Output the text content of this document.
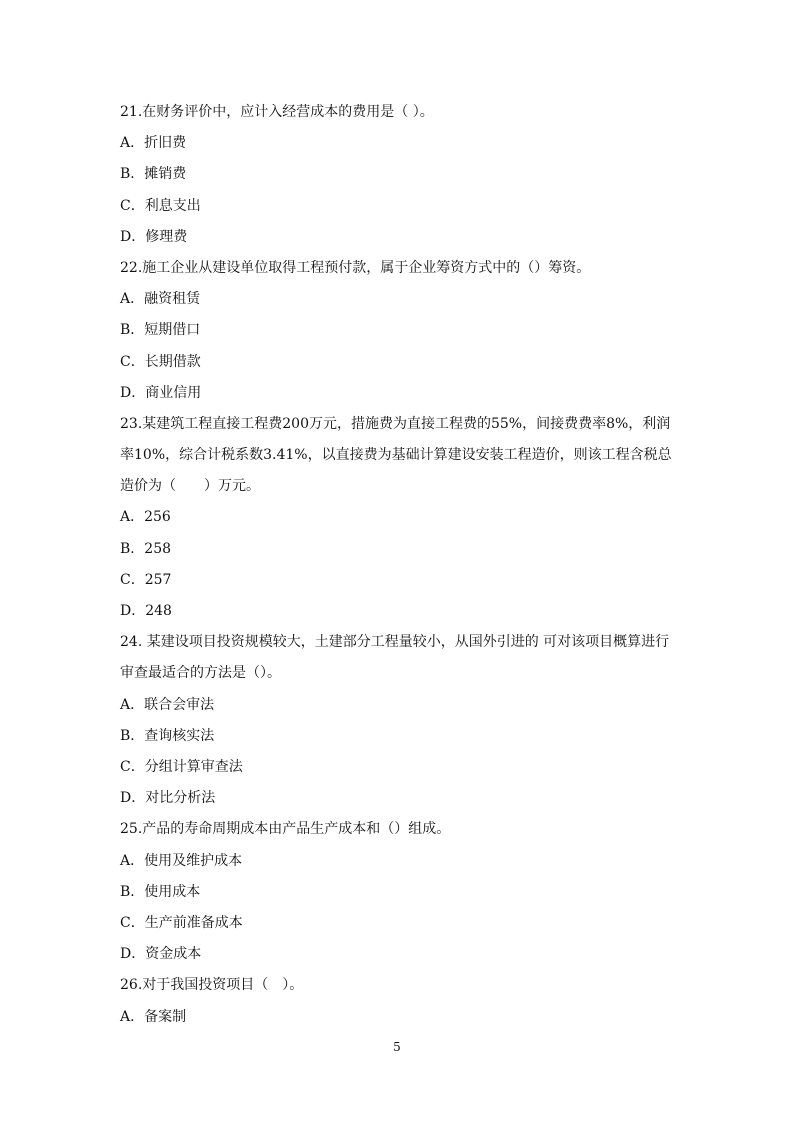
21.在财务评价中，应计入经营成本的费用是（ ）。
A．折旧费
B．摊销费
C．利息支出
D．修理费
22.施工企业从建设单位取得工程预付款，属于企业筹资方式中的（）筹资。
A．融资租赁
B．短期借口
C．长期借款
D．商业信用
23.某建筑工程直接工程费200万元，措施费为直接工程费的55%，间接费费率8%，利润率10%，综合计税系数3.41%，以直接费为基础计算建设安装工程造价，则该工程含税总造价为（　　）万元。
A．256
B．258
C．257
D．248
24. 某建设项目投资规模较大，土建部分工程量较小，从国外引进的 可对该项目概算进行审查最适合的方法是（）。
A．联合会审法
B．查询核实法
C．分组计算审查法
D．对比分析法
25.产品的寿命周期成本由产品生产成本和（）组成。
A．使用及维护成本
B．使用成本
C．生产前准备成本
D．资金成本
26.对于我国投资项目（　）。
A．备案制
5
